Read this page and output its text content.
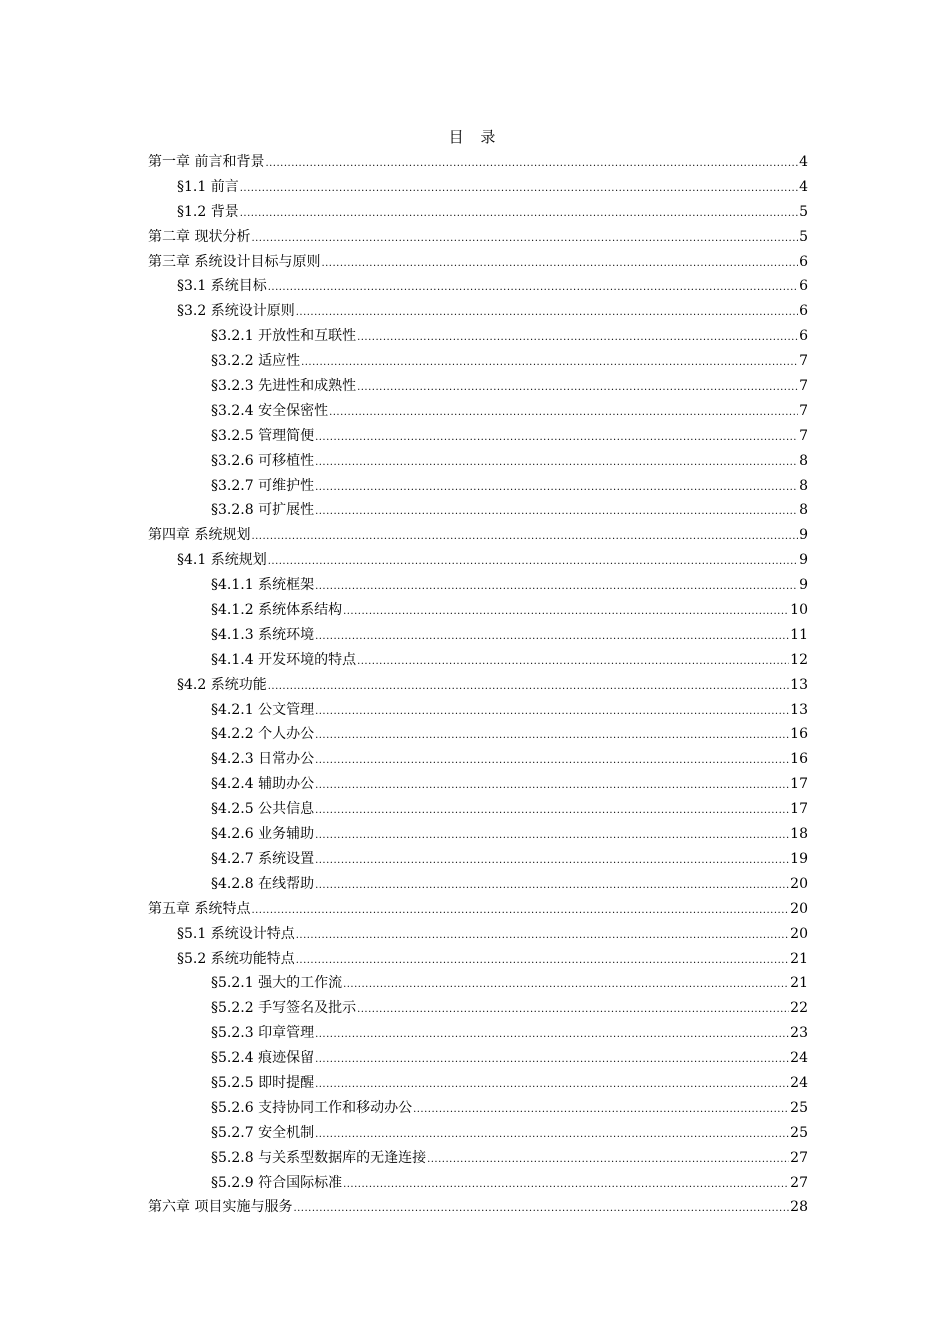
目 录
第一章 前言和背景 .....	4
§1.1 前言 .....	4
§1.2 背景 .....	5
第二章 现状分析 .....	5
第三章 系统设计目标与原则 .....	6
§3.1 系统目标 .....	6
§3.2 系统设计原则 .....	6
§3.2.1 开放性和互联性 .....	6
§3.2.2 适应性 .....	7
§3.2.3 先进性和成熟性 .....	7
§3.2.4 安全保密性 .....	7
§3.2.5 管理简便 .....	7
§3.2.6 可移植性 .....	8
§3.2.7 可维护性 .....	8
§3.2.8 可扩展性 .....	8
第四章 系统规划 .....	9
§4.1 系统规划 .....	9
§4.1.1 系统框架 .....	9
§4.1.2 系统体系结构 .....	10
§4.1.3 系统环境 .....	11
§4.1.4 开发环境的特点 .....	12
§4.2 系统功能 .....	13
§4.2.1 公文管理 .....	13
§4.2.2 个人办公 .....	16
§4.2.3 日常办公 .....	16
§4.2.4 辅助办公 .....	17
§4.2.5 公共信息 .....	17
§4.2.6 业务辅助 .....	18
§4.2.7 系统设置 .....	19
§4.2.8 在线帮助 .....	20
第五章 系统特点 .....	20
§5.1 系统设计特点 .....	20
§5.2 系统功能特点 .....	21
§5.2.1 强大的工作流 .....	21
§5.2.2 手写签名及批示 .....	22
§5.2.3 印章管理 .....	23
§5.2.4 痕迹保留 .....	24
§5.2.5 即时提醒 .....	24
§5.2.6 支持协同工作和移动办公 .....	25
§5.2.7 安全机制 .....	25
§5.2.8 与关系型数据库的无逢连接 .....	27
§5.2.9 符合国际标准 .....	27
第六章 项目实施与服务 .....	28
